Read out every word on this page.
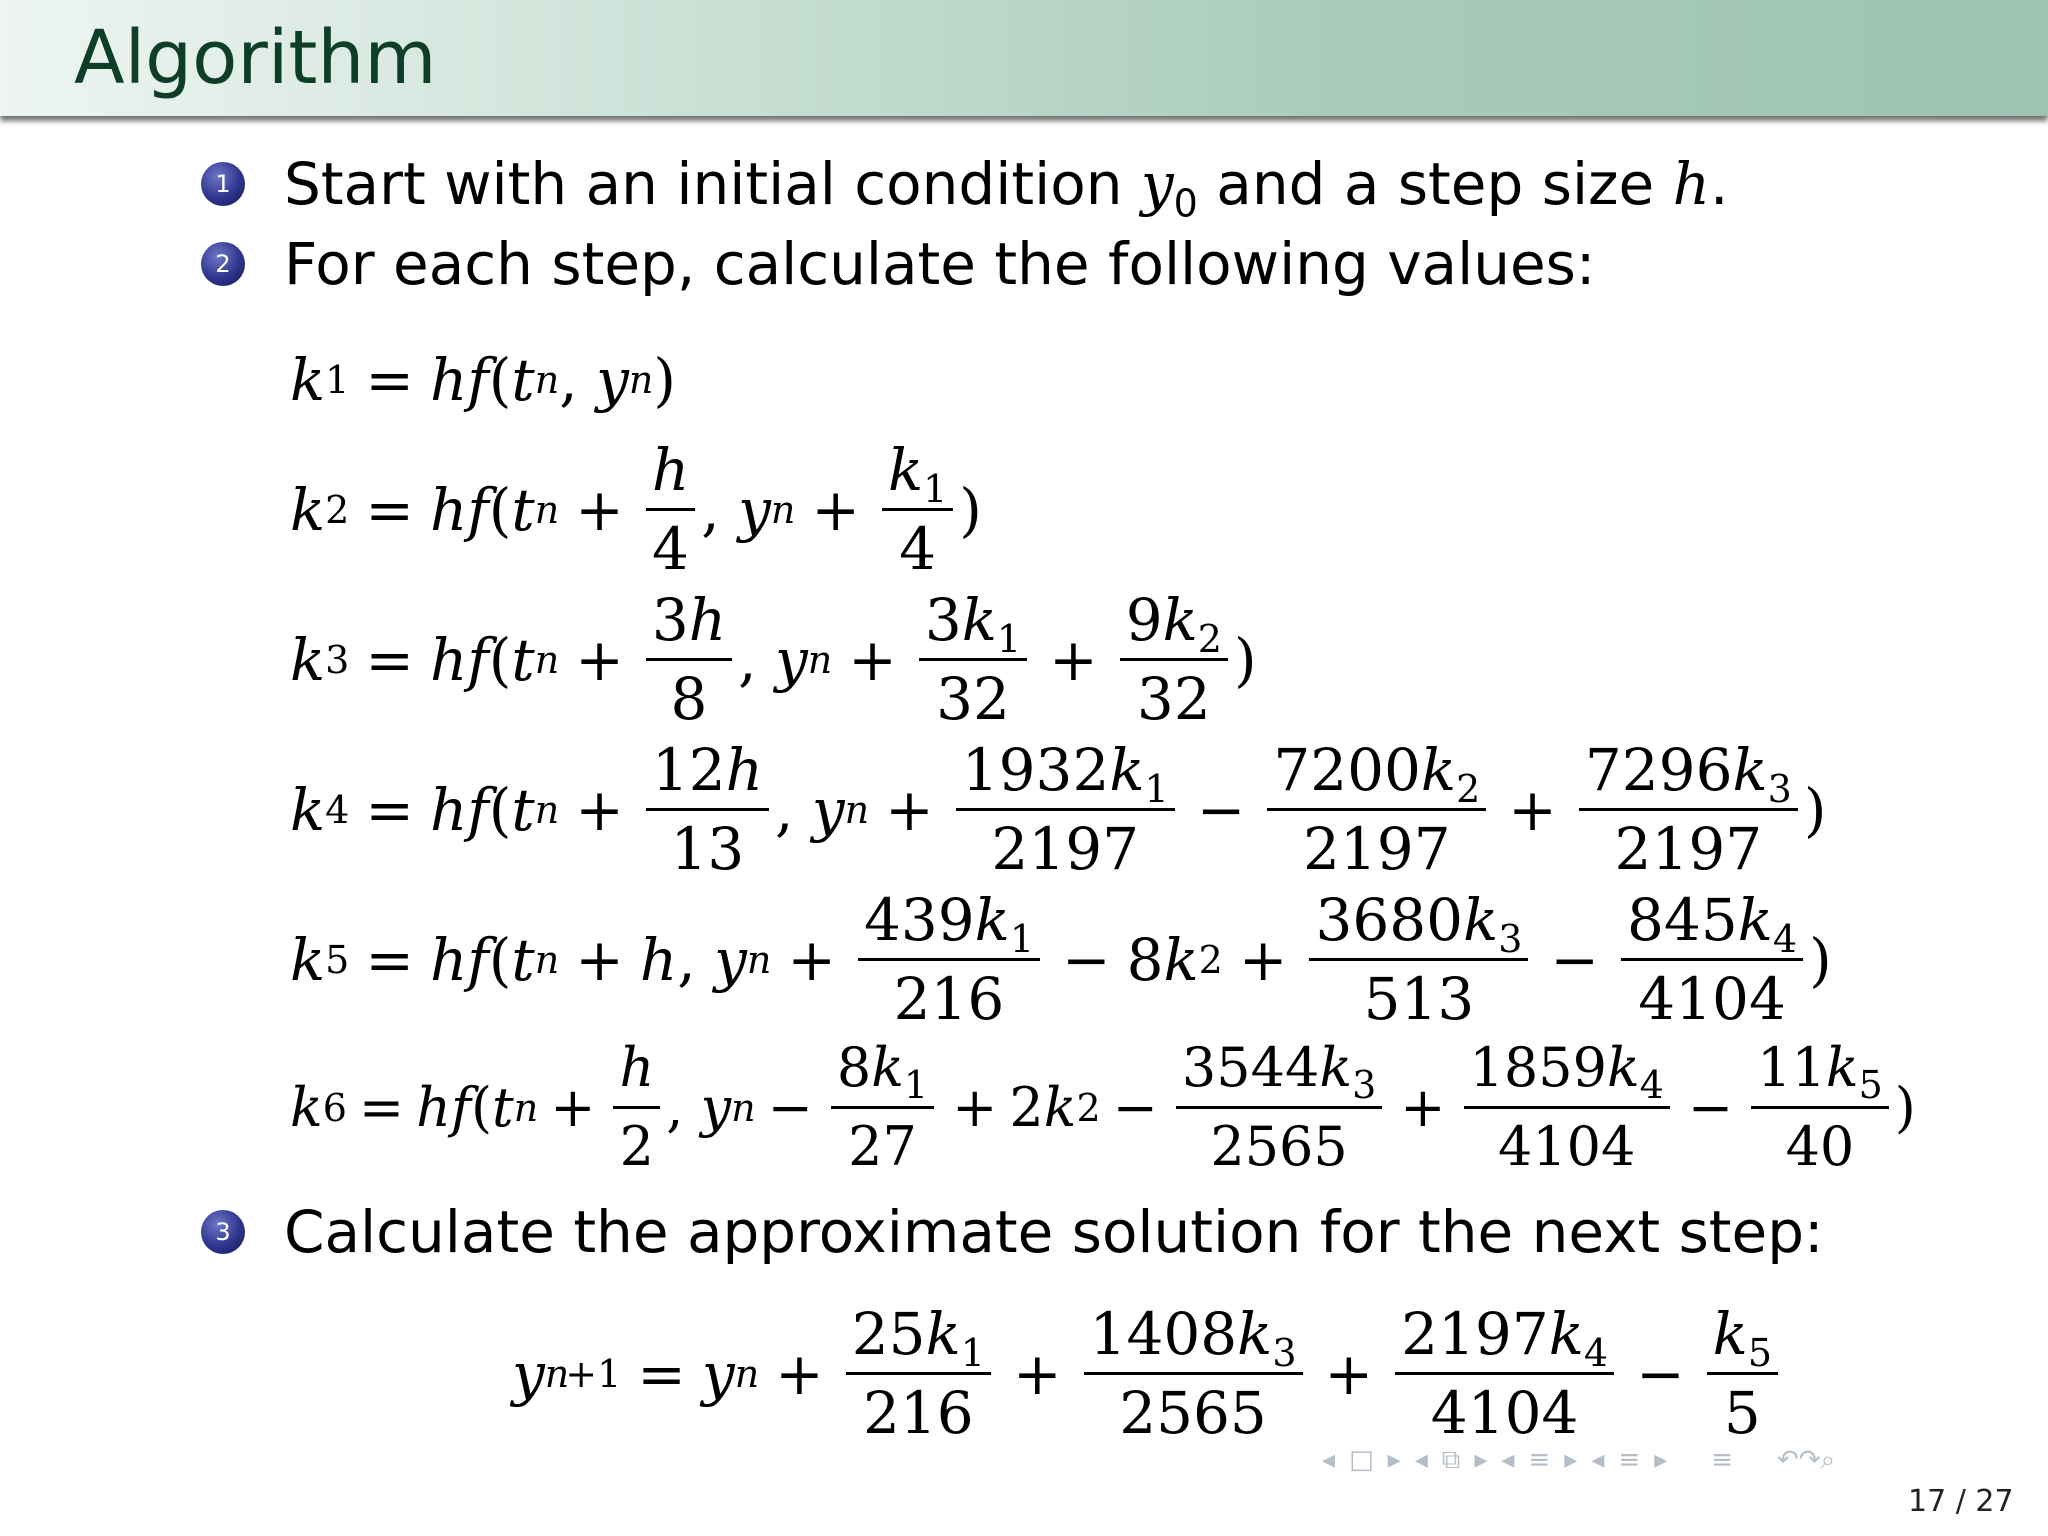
Algorithm
1 Start with an initial condition $y_0$ and a step size h.
2 For each step, calculate the following values:
k 1 = hf ( t n , y n )
k 2 = hf ( t $n + \frac{h}{4}$ , y $n + \frac{k_1}{4}$ )
k 3 = hf ( t $n + \frac{3h}{8}$ , y $n + \frac{3k_1}{32} + \frac{9k_2}{32}$ )
k 4 = hf ( t $n + \frac{12h}{13}$ , y $n + \frac{1932k_1}{2197} - \frac{7200k_2}{2197} + \frac{7296k_3}{2197}$ )
k 5 = hf ( t n + h , y $n + \frac{439k_1}{216} - 8$ k $2 + \frac{3680k_3}{513} - \frac{845k_4}{4104}$ )
k 6 = hf ( t $n + \frac{h}{2}$ , y $n - \frac{8k_1}{27} + 2$ k $2 - \frac{3544k_3}{2565} + \frac{1859k_4}{4104} - \frac{11k_5}{40}$ )
3 Calculate the approximate solution for the next step:
y n
+1 = y $n + \frac{25k_1}{216} + \frac{1408k_3}{2565} + \frac{2197k_4}{4104} - \frac{k_5}{5}$
◂ □ ▸ ◂ ⧉ ▸ ◂ ≡ ▸ ◂ ≡ ▸ ≡ ↶↷⌕
17 / 27
